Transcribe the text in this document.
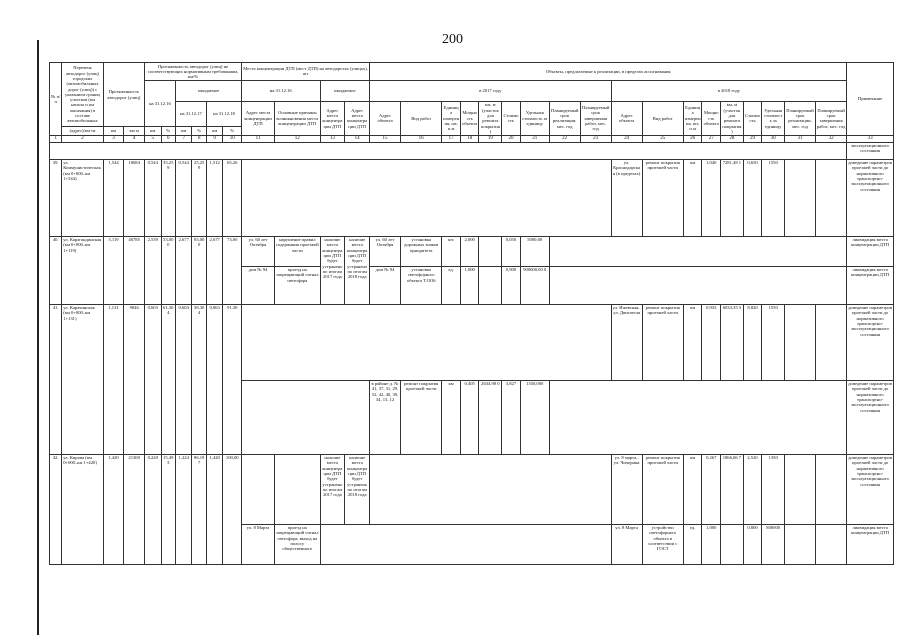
200
№ п/п	Перечень автодорог (улиц) городских (автомобильных дорог (улиц)) с указанием границ участков (км начала и км окончания) в составе автомобильных	Протяженность автодорог (улиц)		Протяженность автодорог (улиц) не соответствующих нормативным требованиям, км/%						Места концентрации ДТП (мест ДТП) на автодорогах (улицах), шт				Объекты, предлагаемые к реализации, в пределах ассигнования																		Примечание
				на 31.12.16		ожидаемое				на 31.12.16		ожидаемое		в 2017 году									в 2018 году									
						на 31.12.17		на 31.12.18		Адрес места концентрации ДТП	Основные причины возникновения места концентрации ДТП	Адрес места концентрации ДТП	Адрес места концентрации ДТП	Адрес объекта	Вид работ	Единица измерения, шт, п.м	Мощность объекта	км, м (участок для ремонта покрытия)	Стоимость	Удельная стоимость за единицу	Планируемый срок реализации, мес. год	Планируемый срок завершения работ, мес. год	Адрес объекта	Вид работ	Единица измерения, шт, п.м	Мощность объекта	км, м (участок для ремонта покрытия)	Стоимость	Удельная стоимость за единицу	Планируемый срок реализации, мес. год	Планируемый срок завершения работ, мес. год	
	(адрес)/км+м	км	км м	км	%	км	%	км	%																							
1	2	3	4	5	6	7	8	9	10	11	12	13	14	15	16	17	18	19	20	21	22	23	24	25	26	27	28	29	30	31	32	33
																																эксплуатационного состояния
39.	ул. Коммунистическая (км 0+000–км 1+544)	1,544	10684	0,544	35,25 9	0,544	25,25 9	1,512	65,26														ул. Краснодарская (в пределах)	ремонт покрытия проезжей части	км	1,040	7281,48 1	0,650	1550			доведение параметров проезжей части до нормативного транспортно-эксплуатационного состояния
40.	ул. Карагандинская (км 0+000–км 1+119)	3,119	46785	2,539	53,00 0	2,677	83,00 0	2,677	73,00	ул. 60 лет Октября	нарушение правил содержания проезжей части	наличие места концентрации ДТП будет устранено по итогам 2017 года	наличие места концентрации ДТП будет устранено по итогам 2018 года	ул. 60 лет Октября	установка дорожных знаков приоритета	шт.	2,000		0,050	5000,00												ликвидация места концентрации ДТП
										дом № 94	проезд на запрещающий сигнал светофора			дом № 94	установка светофорного объекта Т.ОО6	ед.	1,000		0,900	900000,00 0												ликвидация места концентрации ДТП
41.	ул. Карачинская (км 0+000–км 1+131)	1,131	9046	0,603	61,30 4	0,603	38,30 4	0,863	91,30														ул. Ижевская–ул. Двигателя	ремонт покрытия проезжей части	км	0,933	6033,35 3	8,820	1550			доведение параметров проезжей части до нормативного транспортно-эксплуатационного состояния
														в районе д. № 41, 37, 31, 29, 52, 42, 40, 39, 34, 13, 12	ремонт покрытия проезжей части	км	0,405	2634,98 0	3,827	1350,000												доведение параметров проезжей части до нормативного транспортно-эксплуатационного состояния
42.	ул. Кирова (км 0+000–км 1+420)	1,420	21300	0,220	15,49 3	1,224	86,19 7	1,420	100,00			наличие места концентрации ДТП будет устранено по итогам 2017 года	наличие места концентрации ДТП будет устранено по итогам 2018 года										ул. 8 марта–ул. Чичерина	ремонт покрытия проезжей части	км	0,267	1866,06 7	2,520	1350			доведение параметров проезжей части до нормативного транспортно-эксплуатационного состояния
										ул. 8 Марта	проезд на запрещающий сигнал светофора, выход на полосу общественного												ул. 8 Марта	устройство светофорного объекта в соответствии с ГОСТ	ед.	1,000		0,800	800000			ликвидация места концентрации ДТП
